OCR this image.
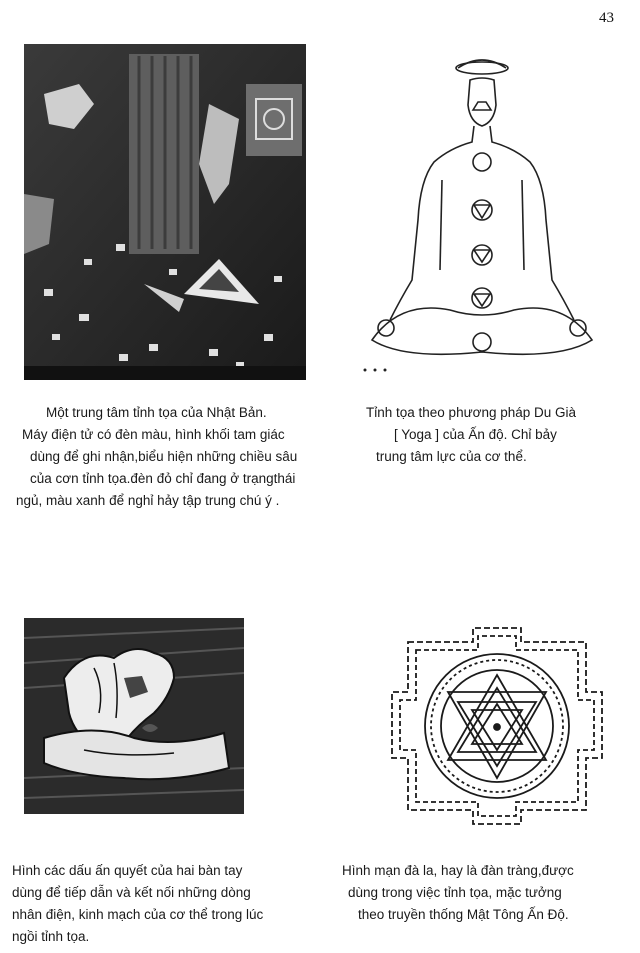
43
Một trung tâm tỉnh tọa của Nhật Bản.
Máy điện tử có đèn màu, hình khối tam giác
dùng để ghi nhận,biểu hiện những chiều sâu
của cơn tỉnh tọa.đèn đỏ chỉ đang ở trạngthái
ngủ, màu xanh để nghỉ hảy tập trung chú ý .
Tỉnh tọa theo phương pháp Du Già
[ Yoga ] của Ấn độ. Chỉ bảy
trung tâm lực của cơ thể.
Hình các dấu ấn quyết của hai bàn tay
dùng để tiếp dẫn và kết nối những dòng
nhân điện, kinh mạch của cơ thể trong lúc
ngồi tỉnh tọa.
Hình mạn đà la, hay là đàn tràng,được
dùng trong việc tỉnh tọa, mặc tưởng
theo truyền thống Mật Tông Ấn Độ.
